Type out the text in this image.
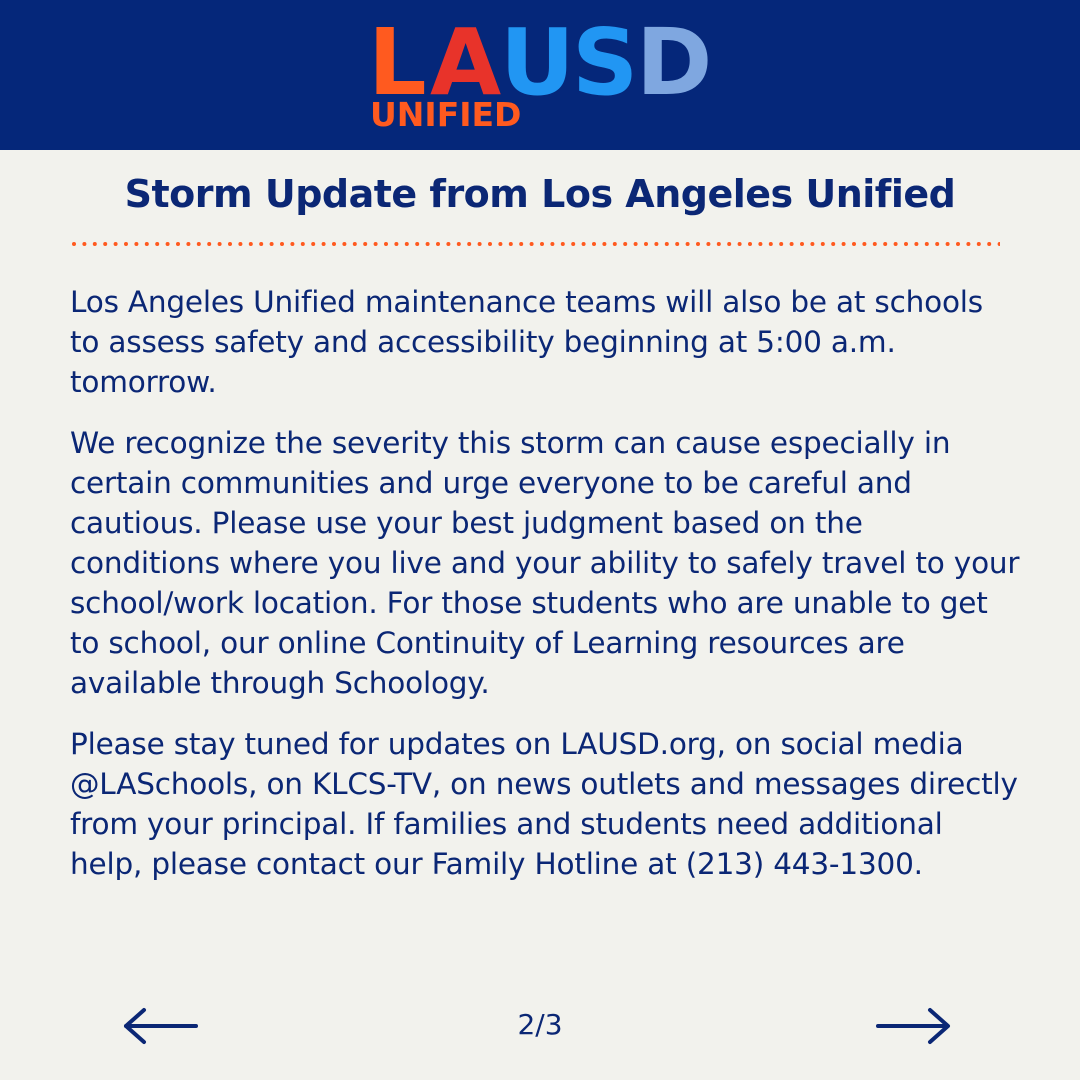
L A
U
S
D
UNIFIED
Storm Update from Los Angeles Unified

Los Angeles Unified maintenance teams will also be at schools to assess safety and accessibility beginning at 5:00 a.m. tomorrow.

We recognize the severity this storm can cause especially in certain communities and urge everyone to be careful and cautious. Please use your best judgment based on the conditions where you live and your ability to safely travel to your school/work location. For those students who are unable to get to school, our online Continuity of Learning resources are available through Schoology.

Please stay tuned for updates on LAUSD.org, on social media @LASchools, on KLCS-TV, on news outlets and messages directly from your principal. If families and students need additional help, please contact our Family Hotline at (213) 443-1300.

2/3
